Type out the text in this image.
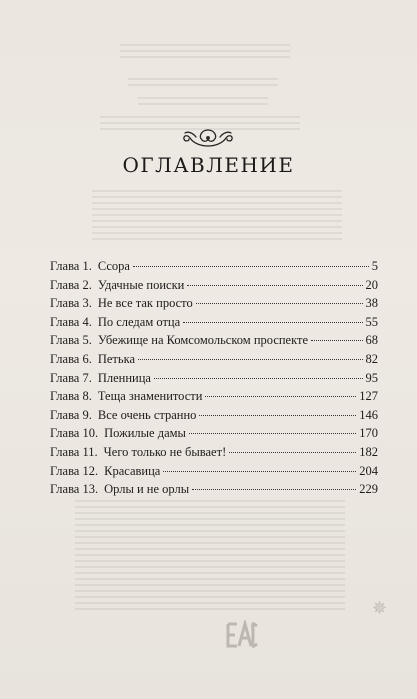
ОГЛАВЛЕНИЕ
Глава 1. Ссора	5
Глава 2. Удачные поиски	20
Глава 3. Не все так просто	38
Глава 4. По следам отца	55
Глава 5. Убежище на Комсомольском проспекте	68
Глава 6. Петька	82
Глава 7. Пленница	95
Глава 8. Теща знаменитости	127
Глава 9. Все очень странно	146
Глава 10. Пожилые дамы	170
Глава 11. Чего только не бывает!	182
Глава 12. Красавица	204
Глава 13. Орлы и не орлы	229
✵
